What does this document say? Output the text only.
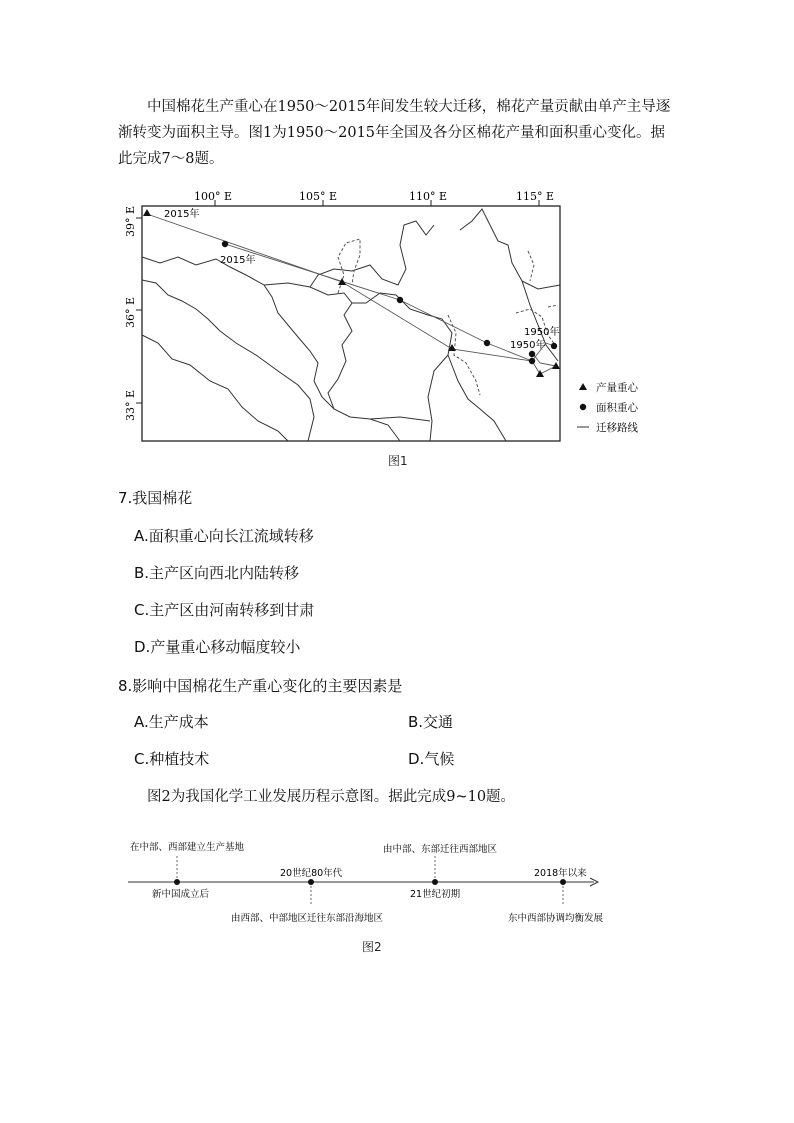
中国棉花生产重心在1950～2015年间发生较大迁移，棉花产量贡献由单产主导逐渐转变为面积主导。图1为1950～2015年全国及各分区棉花产量和面积重心变化。据此完成7～8题。

100° E	105° E	110° E	115° E
39° E
36° E
33° E
2015年
2015年
1950年
1950年
产量重心
面积重心
迁移路线
图1
7.我国棉花
A.面积重心向长江流域转移
B.主产区向西北内陆转移
C.主产区由河南转移到甘肃
D.产量重心移动幅度较小
8.影响中国棉花生产重心变化的主要因素是
A.生产成本	B.交通
C.种植技术	D.气候

图2为我国化学工业发展历程示意图。据此完成9~10题。

在中部、西部建立生产基地
20世纪80年代
由中部、东部迁往西部地区
2018年以来
新中国成立后
由西部、中部地区迁往东部沿海地区
21世纪初期
东中西部协调均衡发展
图2
